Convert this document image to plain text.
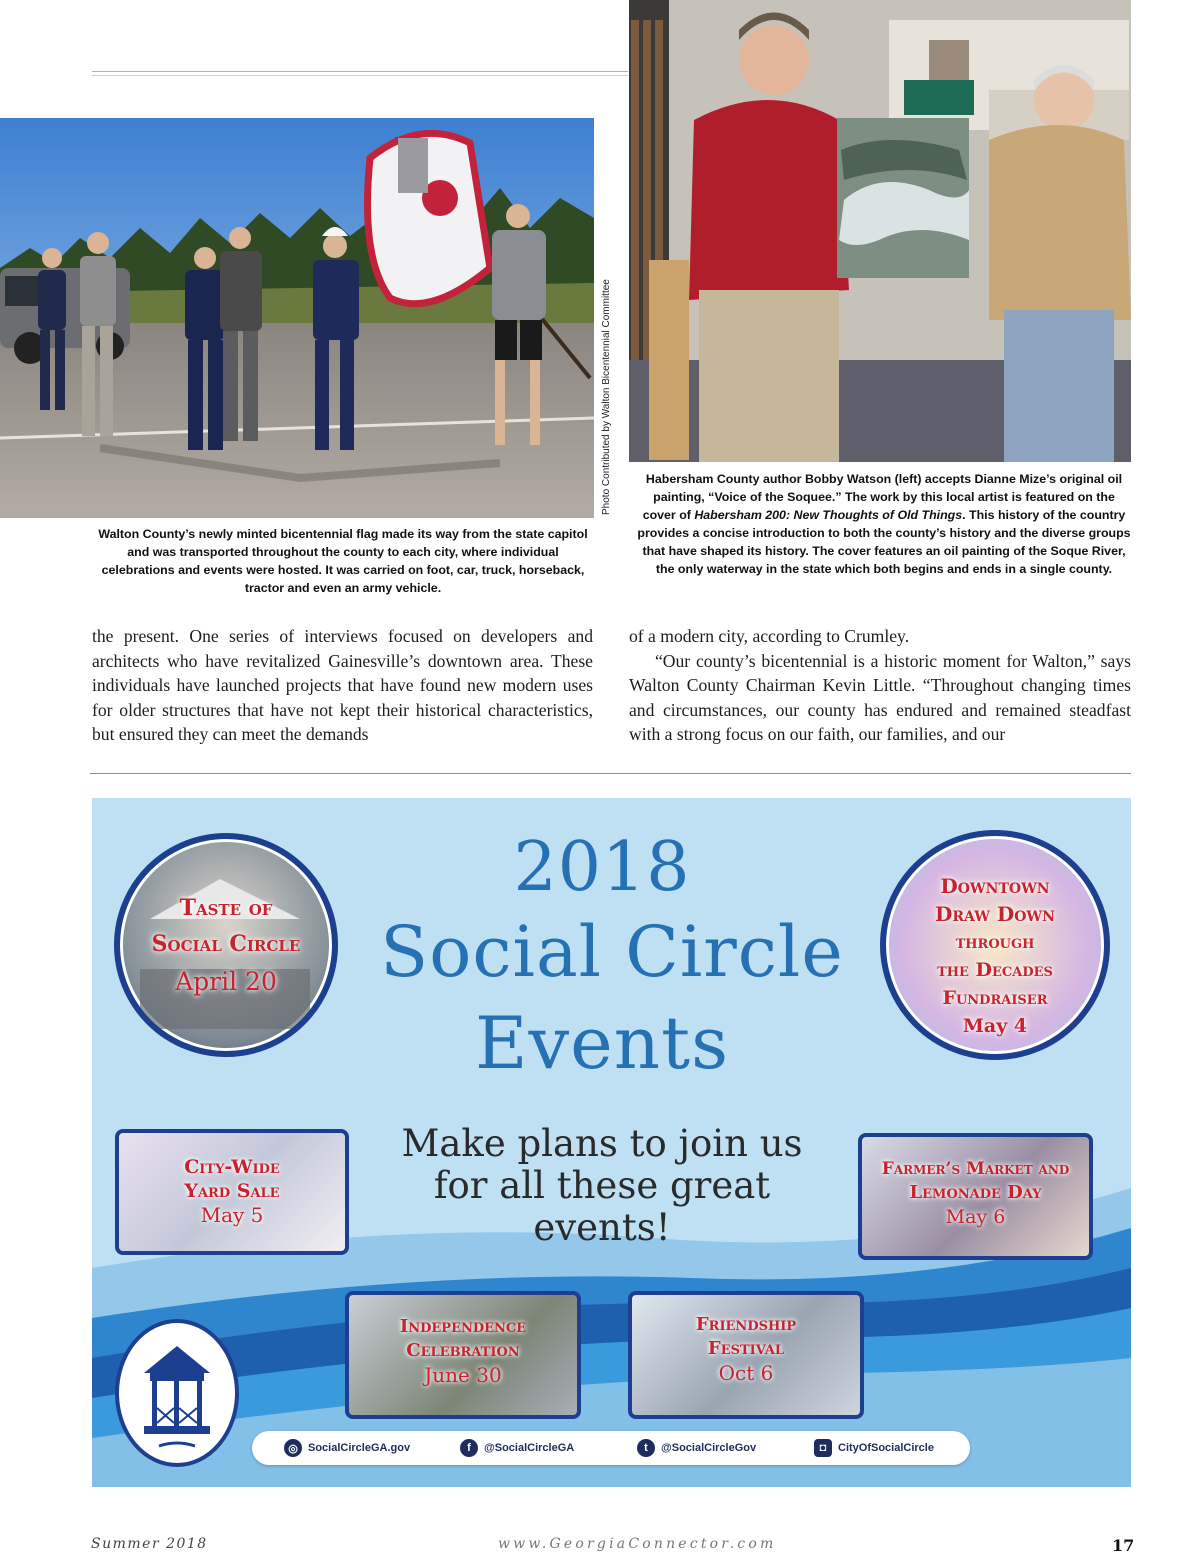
Photo Contributed by Walton Bicentennial Committee
Walton County’s newly minted bicentennial flag made its way from the state capitol and was transported throughout the county to each city, where individual celebrations and events were hosted. It was carried on foot, car, truck, horseback, tractor and even an army vehicle.
Habersham County author Bobby Watson (left) accepts Dianne Mize’s original oil painting, “Voice of the Soquee.” The work by this local artist is featured on the cover of Habersham 200: New Thoughts of Old Things. This history of the country provides a concise introduction to both the county’s history and the diverse groups that have shaped its history. The cover features an oil painting of the Soque River, the only waterway in the state which both begins and ends in a single county.

the present. One series of interviews focused on developers and architects who have revitalized Gainesville’s downtown area. These individuals have launched projects that have found new modern uses for older structures that have not kept their historical characteristics, but ensured they can meet the demands

of a modern city, according to Crumley.

“Our county’s bicentennial is a historic moment for Walton,” says Walton County Chairman Kevin Little. “Throughout changing times and circumstances, our county has endured and remained steadfast with a strong focus on our faith, our families, and our

2018
Social Circle
Events
Make plans to join us
for all these great
events!
Taste of
Social Circle
April 20
Downtown
Draw Down
through
the Decades
Fundraiser
May 4
City-Wide
Yard Sale
May 5
Farmer’s Market and
Lemonade Day
May 6
Independence
Celebration
June 30
Friendship
Festival
Oct 6
◎ SocialCircleGA.gov	f	@SocialCircleGA	t	@SocialCircleGov	◘	CityOfSocialCircle
Summer 2018	www.GeorgiaConnector.com	17
